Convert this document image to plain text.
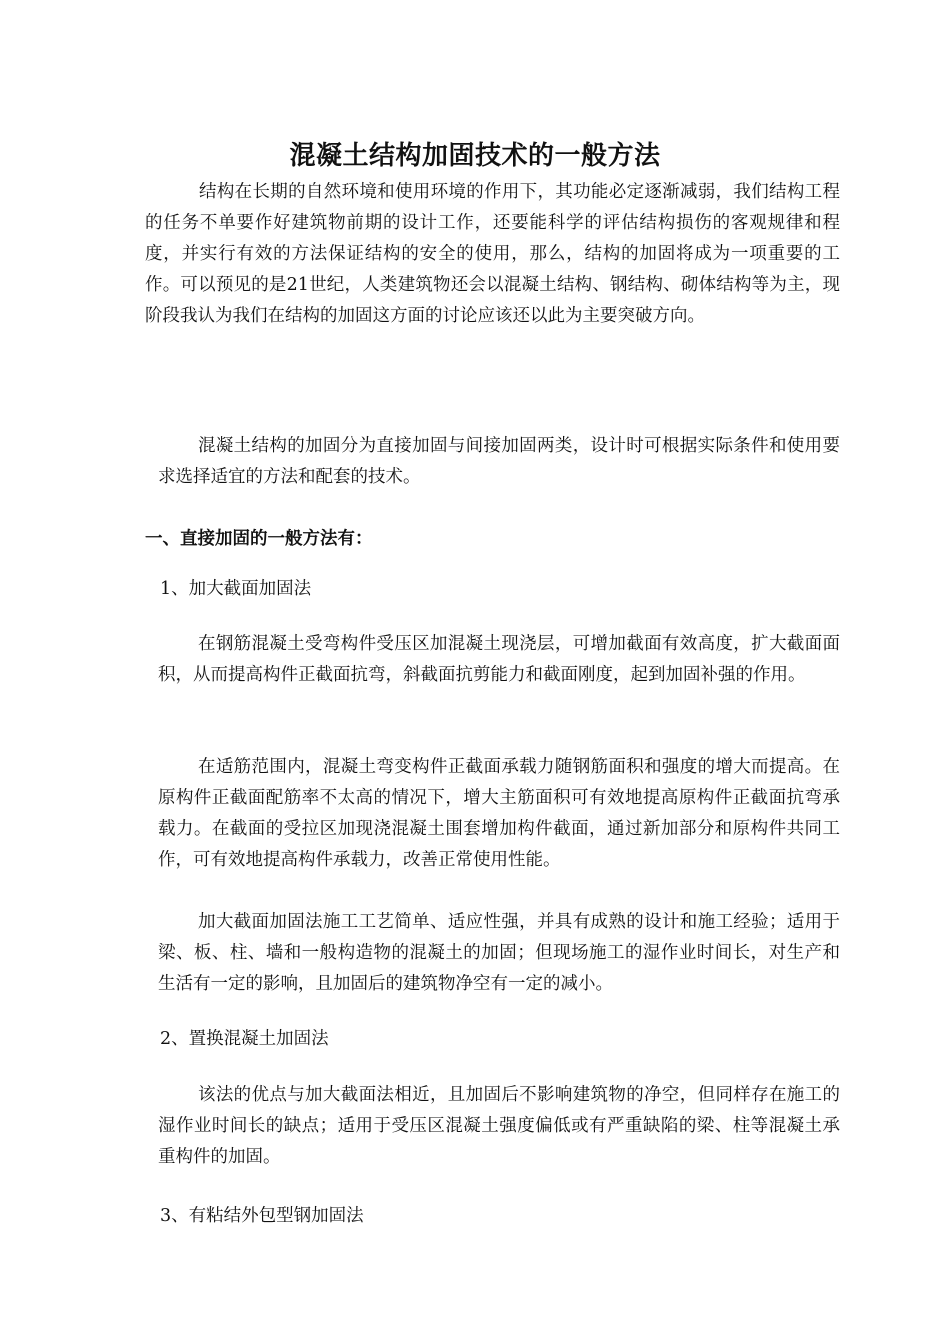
混凝土结构加固技术的一般方法
结构在长期的自然环境和使用环境的作用下，其功能必定逐渐减弱，我们结构工程的任务不单要作好建筑物前期的设计工作，还要能科学的评估结构损伤的客观规律和程度，并实行有效的方法保证结构的安全的使用，那么，结构的加固将成为一项重要的工作。可以预见的是21世纪，人类建筑物还会以混凝土结构、钢结构、砌体结构等为主，现阶段我认为我们在结构的加固这方面的讨论应该还以此为主要突破方向。
混凝土结构的加固分为直接加固与间接加固两类，设计时可根据实际条件和使用要求选择适宜的方法和配套的技术。
一、直接加固的一般方法有：
1、加大截面加固法
在钢筋混凝土受弯构件受压区加混凝土现浇层，可增加截面有效高度，扩大截面面积，从而提高构件正截面抗弯，斜截面抗剪能力和截面刚度，起到加固补强的作用。
在适筋范围内，混凝土弯变构件正截面承载力随钢筋面积和强度的增大而提高。在原构件正截面配筋率不太高的情况下，增大主筋面积可有效地提高原构件正截面抗弯承载力。在截面的受拉区加现浇混凝土围套增加构件截面，通过新加部分和原构件共同工作，可有效地提高构件承载力，改善正常使用性能。
加大截面加固法施工工艺简单、适应性强，并具有成熟的设计和施工经验；适用于梁、板、柱、墙和一般构造物的混凝土的加固；但现场施工的湿作业时间长，对生产和生活有一定的影响，且加固后的建筑物净空有一定的减小。
2、置换混凝土加固法
该法的优点与加大截面法相近，且加固后不影响建筑物的净空，但同样存在施工的湿作业时间长的缺点；适用于受压区混凝土强度偏低或有严重缺陷的梁、柱等混凝土承重构件的加固。
3、有粘结外包型钢加固法
